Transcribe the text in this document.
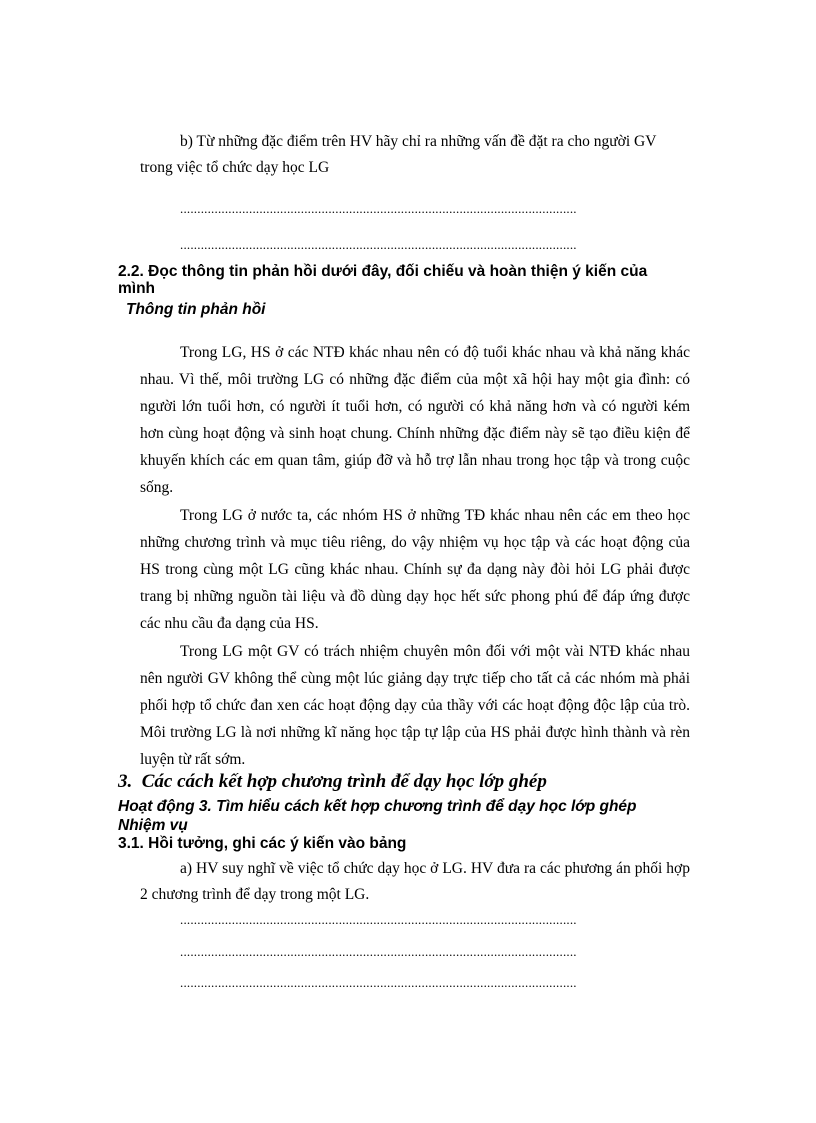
b) Từ những đặc điểm trên HV hãy chỉ ra những vấn đề đặt ra cho người GV
trong việc tổ chức dạy học LG
...................................................................................................................
...................................................................................................................
2.2. Đọc thông tin phản hồi dưới đây, đối chiếu và hoàn thiện ý kiến của
mình
Thông tin phản hồi

Trong LG, HS ở các NTĐ khác nhau nên có độ tuổi khác nhau và khả năng khác nhau. Vì thế, môi trường LG có những đặc điểm của một xã hội hay một gia đình: có người lớn tuổi hơn, có người ít tuổi hơn, có người có khả năng hơn và có người kém hơn cùng hoạt động và sinh hoạt chung. Chính những đặc điểm này sẽ tạo điều kiện để khuyến khích các em quan tâm, giúp đỡ và hỗ trợ lẫn nhau trong học tập và trong cuộc sống.

Trong LG ở nước ta, các nhóm HS ở những TĐ khác nhau nên các em theo học những chương trình và mục tiêu riêng, do vậy nhiệm vụ học tập và các hoạt động của HS trong cùng một LG cũng khác nhau. Chính sự đa dạng này đòi hỏi LG phải được trang bị những nguồn tài liệu và đồ dùng dạy học hết sức phong phú để đáp ứng được các nhu cầu đa dạng của HS.

Trong LG một GV có trách nhiệm chuyên môn đối với một vài NTĐ khác nhau nên người GV không thể cùng một lúc giảng dạy trực tiếp cho tất cả các nhóm mà phải phối hợp tổ chức đan xen các hoạt động dạy của thầy với các hoạt động độc lập của trò. Môi trường LG là nơi những kĩ năng học tập tự lập của HS phải được hình thành và rèn luyện từ rất sớm.

3.  Các cách kết hợp chương trình để dạy học lớp ghép
Hoạt động 3. Tìm hiểu cách kết hợp chương trình để dạy học lớp ghép
Nhiệm vụ
3.1. Hồi tưởng, ghi các ý kiến vào bảng

a) HV suy nghĩ về việc tổ chức dạy học ở LG. HV đưa ra các phương án phối hợp 2 chương trình để dạy trong một LG.

...................................................................................................................
...................................................................................................................
...................................................................................................................
